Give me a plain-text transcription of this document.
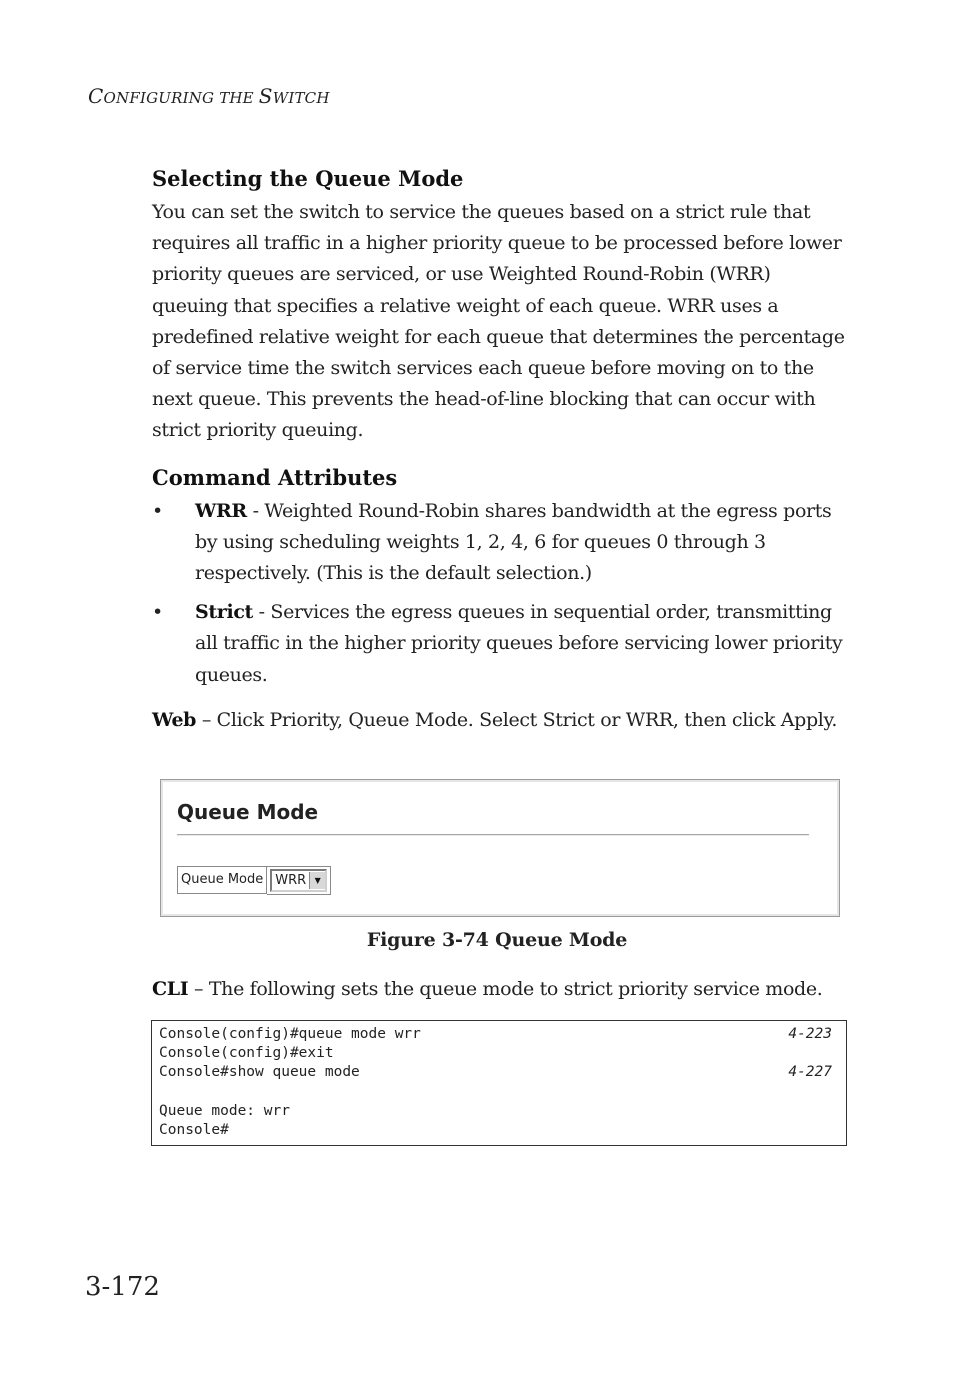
CONFIGURING THE SWITCH
Selecting the Queue Mode

You can set the switch to service the queues based on a strict rule that requires all traffic in a higher priority queue to be processed before lower priority queues are serviced, or use Weighted Round-Robin (WRR) queuing that specifies a relative weight of each queue. WRR uses a predefined relative weight for each queue that determines the percentage of service time the switch services each queue before moving on to the next queue. This prevents the head-of-line blocking that can occur with strict priority queuing.

Command Attributes
• WRR - Weighted Round-Robin shares bandwidth at the egress ports by using scheduling weights 1, 2, 4, 6 for queues 0 through 3 respectively. (This is the default selection.)
• Strict - Services the egress queues in sequential order, transmitting all traffic in the higher priority queues before servicing lower priority queues.
Web – Click Priority, Queue Mode. Select Strict or WRR, then click Apply.
Queue Mode
Queue Mode WRR	▼
Figure 3-74 Queue Mode
CLI – The following sets the queue mode to strict priority service mode.
Console(config)#queue mode wrr	4-223
Console(config)#exit
Console#show queue mode	4-227
Queue mode: wrr
Console#
3-172
